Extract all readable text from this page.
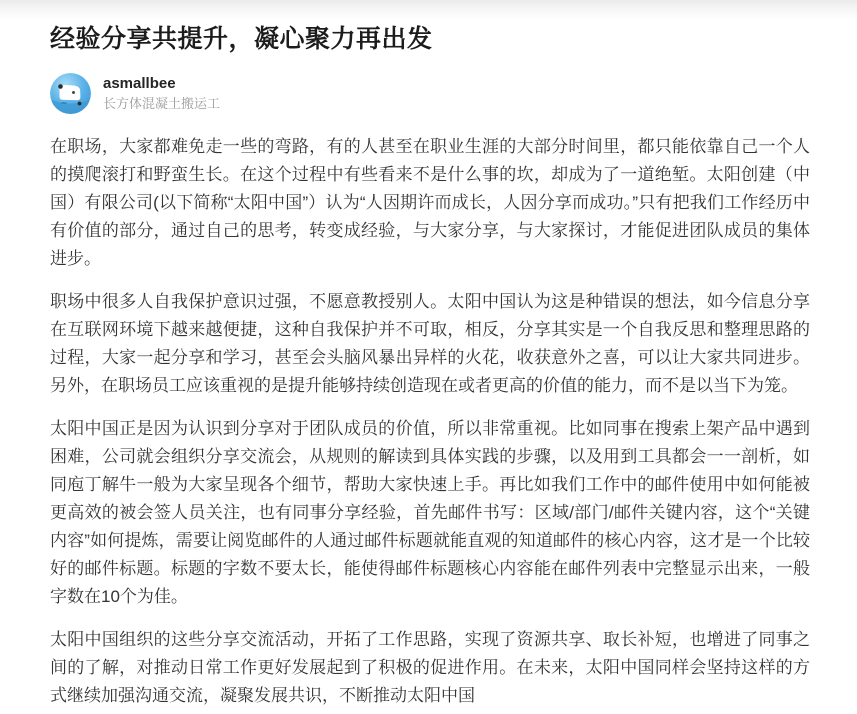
经验分享共提升，凝心聚力再出发
asmallbee
长方体混凝土搬运工

在职场，大家都难免走一些的弯路，有的人甚至在职业生涯的大部分时间里，都只能依靠自己一个人的摸爬滚打和野蛮生长。在这个过程中有些看来不是什么事的坎，却成为了一道绝堑。太阳创建（中国）有限公司(以下简称“太阳中国”）认为“人因期许而成长，人因分享而成功。”只有把我们工作经历中有价值的部分，通过自己的思考，转变成经验，与大家分享，与大家探讨，才能促进团队成员的集体进步。

职场中很多人自我保护意识过强，不愿意教授别人。太阳中国认为这是种错误的想法，如今信息分享在互联网环境下越来越便捷，这种自我保护并不可取，相反，分享其实是一个自我反思和整理思路的过程，大家一起分享和学习，甚至会头脑风暴出异样的火花，收获意外之喜，可以让大家共同进步。另外，在职场员工应该重视的是提升能够持续创造现在或者更高的价值的能力，而不是以当下为笼。

太阳中国正是因为认识到分享对于团队成员的价值，所以非常重视。比如同事在搜索上架产品中遇到困难，公司就会组织分享交流会，从规则的解读到具体实践的步骤，以及用到工具都会一一剖析，如同庖丁解牛一般为大家呈现各个细节，帮助大家快速上手。再比如我们工作中的邮件使用中如何能被更高效的被会签人员关注，也有同事分享经验，首先邮件书写：区域/部门/邮件关键内容，这个“关键内容”如何提炼，需要让阅览邮件的人通过邮件标题就能直观的知道邮件的核心内容，这才是一个比较好的邮件标题。标题的字数不要太长，能使得邮件标题核心内容能在邮件列表中完整显示出来，一般字数在10个为佳。

太阳中国组织的这些分享交流活动，开拓了工作思路，实现了资源共享、取长补短，也增进了同事之间的了解，对推动日常工作更好发展起到了积极的促进作用。在未来，太阳中国同样会坚持这样的方式继续加强沟通交流，凝聚发展共识，不断推动太阳中国
